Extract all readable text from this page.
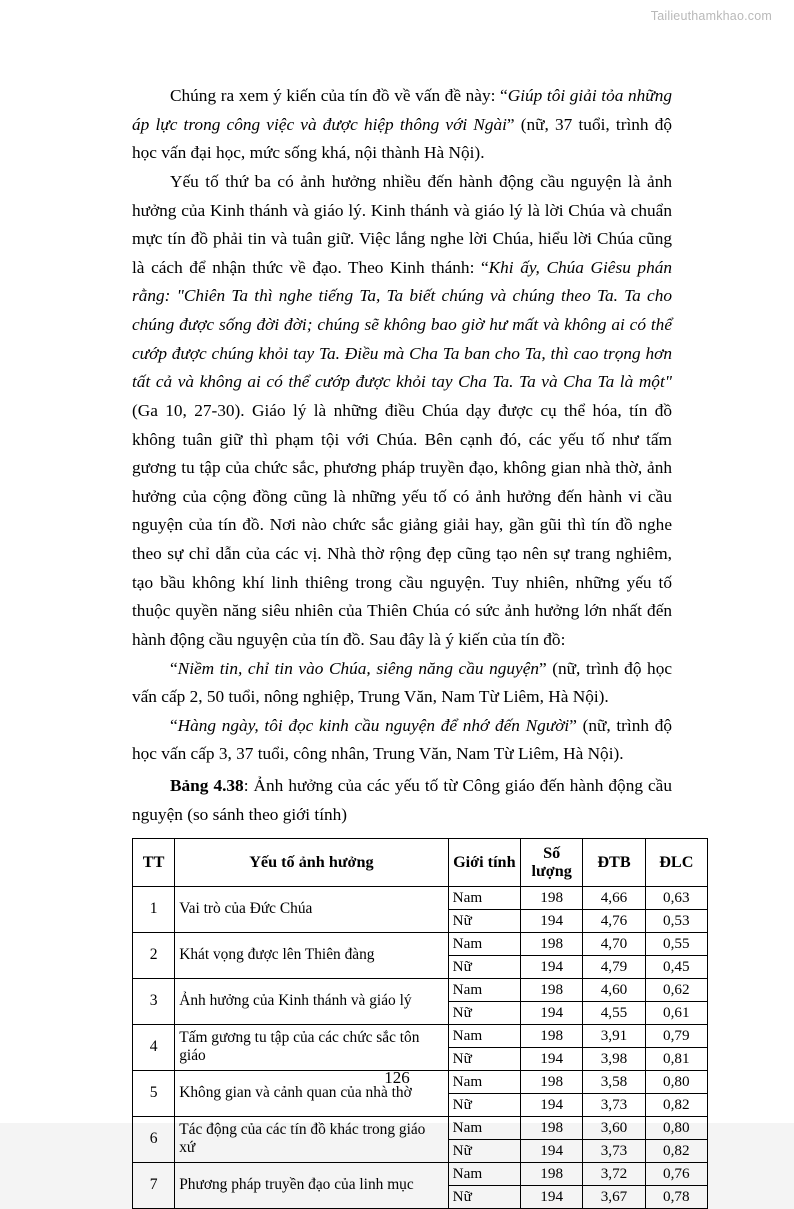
Tailieuthamkhao.com

Chúng ra xem ý kiến của tín đồ về vấn đề này: “Giúp tôi giải tỏa những áp lực trong công việc và được hiệp thông với Ngài” (nữ, 37 tuổi, trình độ học vấn đại học, mức sống khá, nội thành Hà Nội).

Yếu tố thứ ba có ảnh hưởng nhiều đến hành động cầu nguyện là ảnh hưởng của Kinh thánh và giáo lý. Kinh thánh và giáo lý là lời Chúa và chuẩn mực tín đồ phải tin và tuân giữ. Việc lắng nghe lời Chúa, hiểu lời Chúa cũng là cách để nhận thức về đạo. Theo Kinh thánh: “Khi ấy, Chúa Giêsu phán rằng: "Chiên Ta thì nghe tiếng Ta, Ta biết chúng và chúng theo Ta. Ta cho chúng được sống đời đời; chúng sẽ không bao giờ hư mất và không ai có thể cướp được chúng khỏi tay Ta. Điều mà Cha Ta ban cho Ta, thì cao trọng hơn tất cả và không ai có thể cướp được khỏi tay Cha Ta. Ta và Cha Ta là một" (Ga 10, 27-30). Giáo lý là những điều Chúa dạy được cụ thể hóa, tín đồ không tuân giữ thì phạm tội với Chúa. Bên cạnh đó, các yếu tố như tấm gương tu tập của chức sắc, phương pháp truyền đạo, không gian nhà thờ, ảnh hưởng của cộng đồng cũng là những yếu tố có ảnh hưởng đến hành vi cầu nguyện của tín đồ. Nơi nào chức sắc giảng giải hay, gần gũi thì tín đồ nghe theo sự chỉ dẫn của các vị. Nhà thờ rộng đẹp cũng tạo nên sự trang nghiêm, tạo bầu không khí linh thiêng trong cầu nguyện. Tuy nhiên, những yếu tố thuộc quyền năng siêu nhiên của Thiên Chúa có sức ảnh hưởng lớn nhất đến hành động cầu nguyện của tín đồ. Sau đây là ý kiến của tín đồ:

“Niềm tin, chỉ tin vào Chúa, siêng năng cầu nguyện” (nữ, trình độ học vấn cấp 2, 50 tuổi, nông nghiệp, Trung Văn, Nam Từ Liêm, Hà Nội).

“Hàng ngày, tôi đọc kinh cầu nguyện để nhớ đến Người” (nữ, trình độ học vấn cấp 3, 37 tuổi, công nhân, Trung Văn, Nam Từ Liêm, Hà Nội).

Bảng 4.38: Ảnh hưởng của các yếu tố từ Công giáo đến hành động cầu nguyện (so sánh theo giới tính)

TT	Yếu tố ảnh hưởng	Giới tính	Số lượng	ĐTB	ĐLC
1	Vai trò của Đức Chúa	Nam	198	4,66	0,63
		Nữ	194	4,76	0,53
2	Khát vọng được lên Thiên đàng	Nam	198	4,70	0,55
		Nữ	194	4,79	0,45
3	Ảnh hưởng của Kinh thánh và giáo lý	Nam	198	4,60	0,62
		Nữ	194	4,55	0,61
4	Tấm gương tu tập của các chức sắc tôn giáo	Nam	198	3,91	0,79
		Nữ	194	3,98	0,81
5	Không gian và cảnh quan của nhà thờ	Nam	198	3,58	0,80
		Nữ	194	3,73	0,82
6	Tác động của các tín đồ khác trong giáo xứ	Nam	198	3,60	0,80
		Nữ	194	3,73	0,82
7	Phương pháp truyền đạo của linh mục	Nam	198	3,72	0,76
		Nữ	194	3,67	0,78
126
